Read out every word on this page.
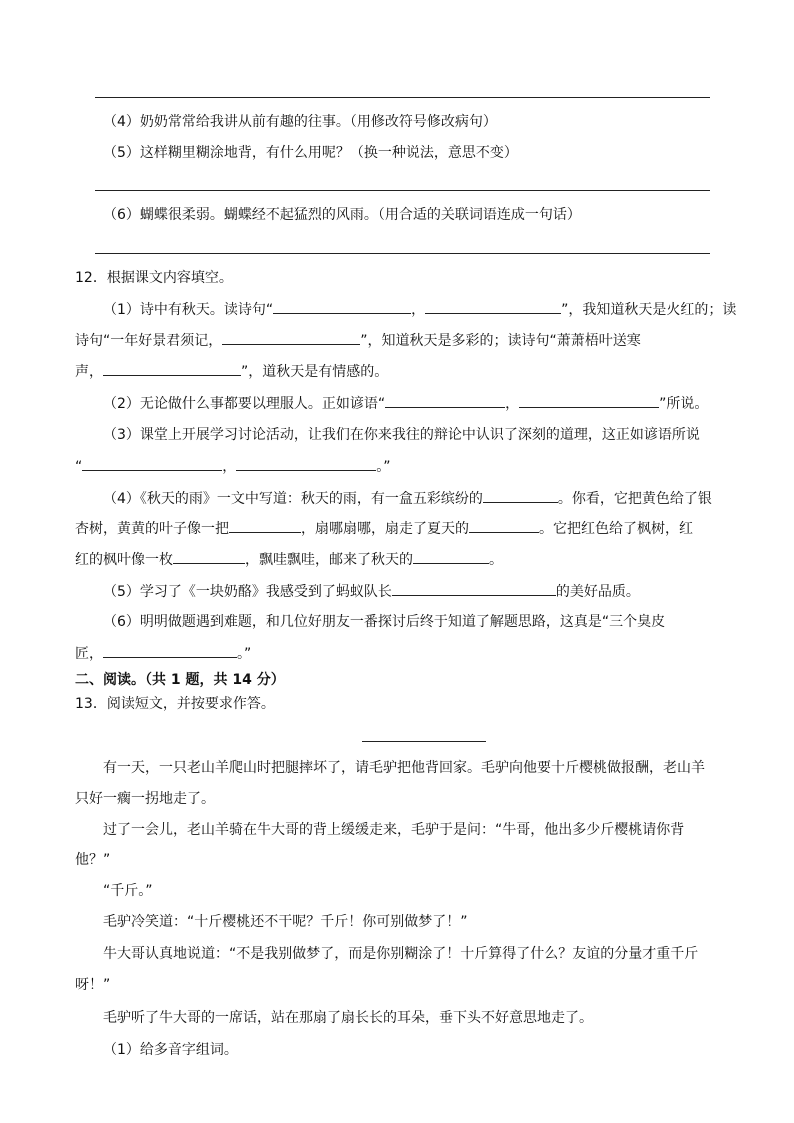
（4）奶奶常常给我讲从前有趣的往事。（用修改符号修改病句）
（5）这样糊里糊涂地背，有什么用呢？（换一种说法，意思不变）
（6）蝴蝶很柔弱。蝴蝶经不起猛烈的风雨。（用合适的关联词语连成一句话）
12．根据课文内容填空。
（1）诗中有秋天。读诗句“	，	”，我知道秋天是火红的；读
诗句“一年好景君须记，	”，知道秋天是多彩的；读诗句“萧萧梧叶送寒
声，	”，道秋天是有情感的。
（2）无论做什么事都要以理服人。正如谚语“	，	”所说。
（3）课堂上开展学习讨论活动，让我们在你来我往的辩论中认识了深刻的道理，这正如谚语所说
“	，	。”
（4）《秋天的雨》一文中写道：秋天的雨，有一盒五彩缤纷的	。你看，它把黄色给了银
杏树，黄黄的叶子像一把	，扇哪扇哪，扇走了夏天的	。它把红色给了枫树，红
红的枫叶像一枚	，飘哇飘哇，邮来了秋天的	。
（5）学习了《一块奶酪》我感受到了蚂蚁队长	的美好品质。
（6）明明做题遇到难题，和几位好朋友一番探讨后终于知道了解题思路，这真是“三个臭皮
匠，	。”
二、阅读。（共 1 题，共 14 分）
13．阅读短文，并按要求作答。
有一天，一只老山羊爬山时把腿摔坏了，请毛驴把他背回家。毛驴向他要十斤樱桃做报酬，老山羊
只好一瘸一拐地走了。
过了一会儿，老山羊骑在牛大哥的背上缓缓走来，毛驴于是问：“牛哥，他出多少斤樱桃请你背
他？”
“千斤。”
毛驴冷笑道：“十斤樱桃还不干呢？千斤！你可别做梦了！”
牛大哥认真地说道：“不是我别做梦了，而是你别糊涂了！十斤算得了什么？友谊的分量才重千斤
呀！”
毛驴听了牛大哥的一席话，站在那扇了扇长长的耳朵，垂下头不好意思地走了。
（1）给多音字组词。
